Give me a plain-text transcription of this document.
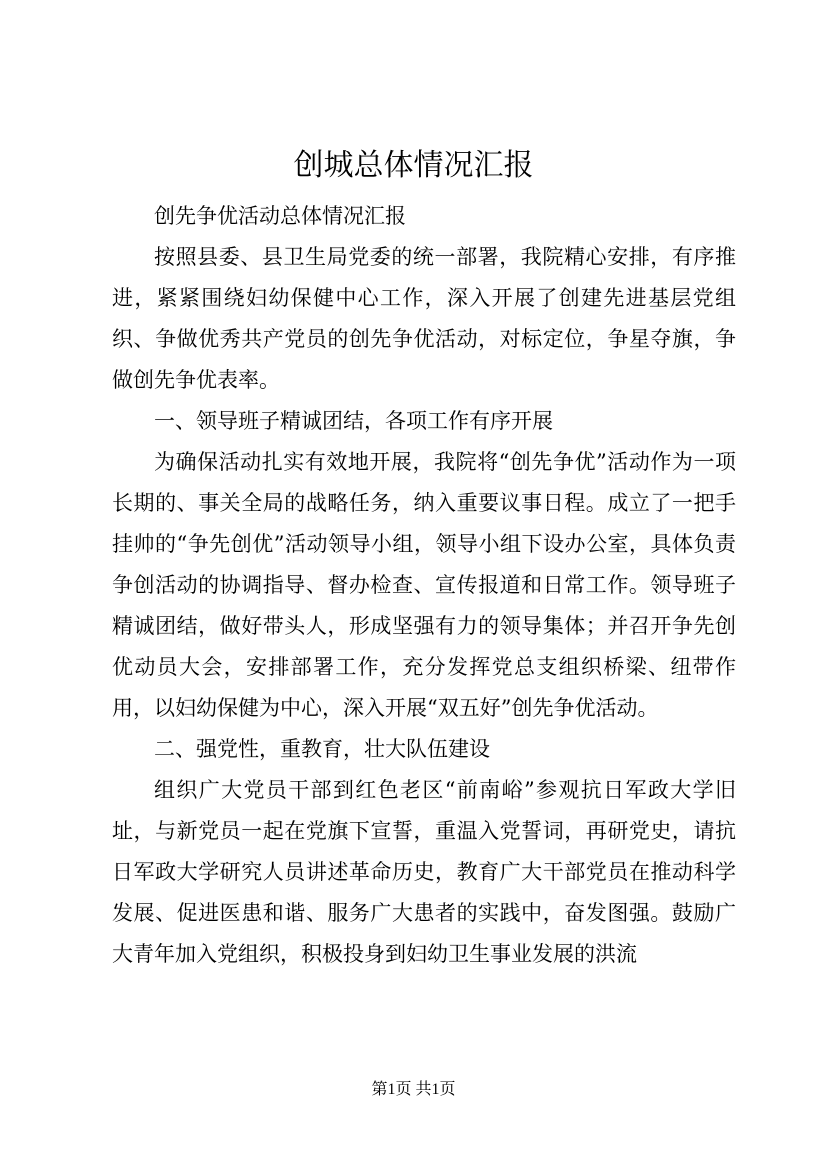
创城总体情况汇报

创先争优活动总体情况汇报

按照县委、县卫生局党委的统一部署，我院精心安排，有序推进，紧紧围绕妇幼保健中心工作，深入开展了创建先进基层党组织、争做优秀共产党员的创先争优活动，对标定位，争星夺旗，争做创先争优表率。

一、领导班子精诚团结，各项工作有序开展

为确保活动扎实有效地开展，我院将“创先争优”活动作为一项长期的、事关全局的战略任务，纳入重要议事日程。成立了一把手挂帅的“争先创优”活动领导小组，领导小组下设办公室，具体负责争创活动的协调指导、督办检查、宣传报道和日常工作。领导班子精诚团结，做好带头人，形成坚强有力的领导集体；并召开争先创优动员大会，安排部署工作，充分发挥党总支组织桥梁、纽带作用，以妇幼保健为中心，深入开展“双五好”创先争优活动。

二、强党性，重教育，壮大队伍建设

组织广大党员干部到红色老区“前南峪”参观抗日军政大学旧址，与新党员一起在党旗下宣誓，重温入党誓词，再研党史，请抗日军政大学研究人员讲述革命历史，教育广大干部党员在推动科学发展、促进医患和谐、服务广大患者的实践中，奋发图强。鼓励广大青年加入党组织，积极投身到妇幼卫生事业发展的洪流

第1页 共1页
